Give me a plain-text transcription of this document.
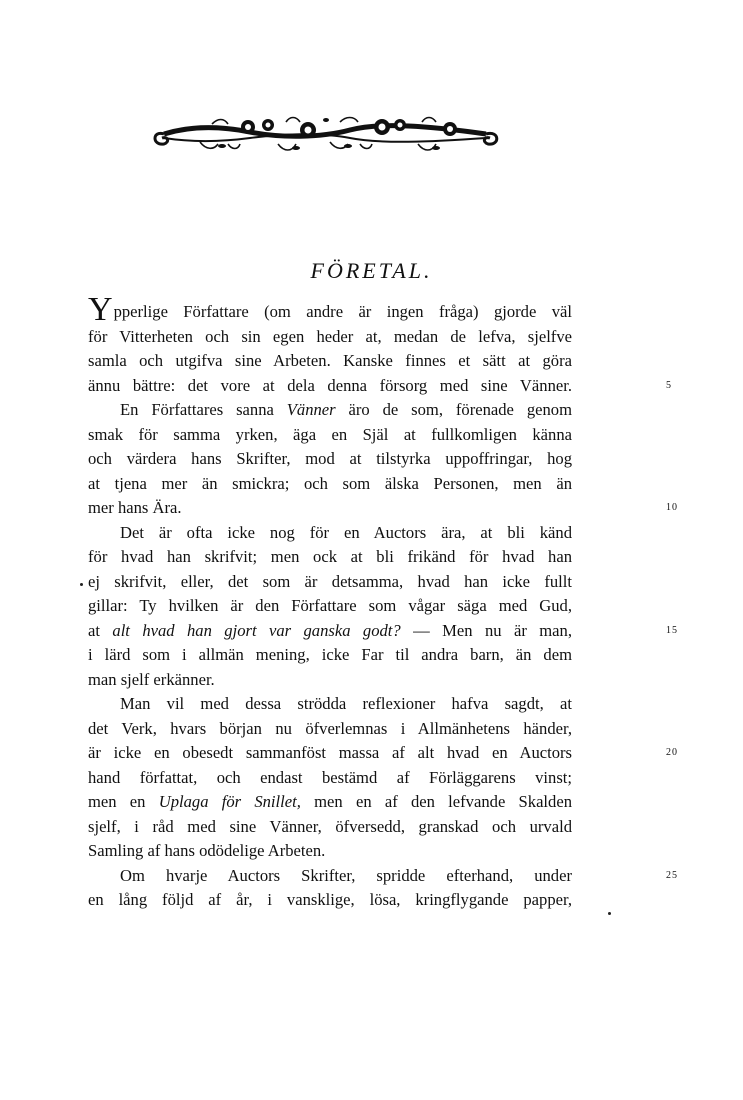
FÖRETAL.
Ypperlige Författare (om andre är ingen fråga) gjorde väl
för Vitterheten och sin egen heder at, medan de lefva, sjelfve
samla och utgifva sine Arbeten. Kanske finnes et sätt at göra
ännu bättre: det vore at dela denna försorg med sine Vänner.	5
En Författares sanna Vänner äro de som, förenade genom
smak för samma yrken, äga en Själ at fullkomligen känna
och värdera hans Skrifter, mod at tilstyrka uppoffringar, hog
at tjena mer än smickra; och som älska Personen, men än
mer hans Ära.	10
Det är ofta icke nog för en Auctors ära, at bli känd
för hvad han skrifvit; men ock at bli frikänd för hvad han
ej skrifvit, eller, det som är detsamma, hvad han icke fullt
gillar: Ty hvilken är den Författare som vågar säga med Gud,
at alt hvad han gjort var ganska godt? — Men nu är man,	15
i lärd som i allmän mening, icke Far til andra barn, än dem
man sjelf erkänner.
Man vil med dessa strödda reflexioner hafva sagdt, at
det Verk, hvars början nu öfverlemnas i Allmänhetens händer,
är icke en obesedt sammanföst massa af alt hvad en Auctors	20
hand författat, och endast bestämd af Förläggarens vinst;
men en Uplaga för Snillet, men en af den lefvande Skalden
sjelf, i råd med sine Vänner, öfversedd, granskad och urvald
Samling af hans odödelige Arbeten.
Om hvarje Auctors Skrifter, spridde efterhand, under	25
en lång följd af år, i vansklige, lösa, kringflygande papper,
